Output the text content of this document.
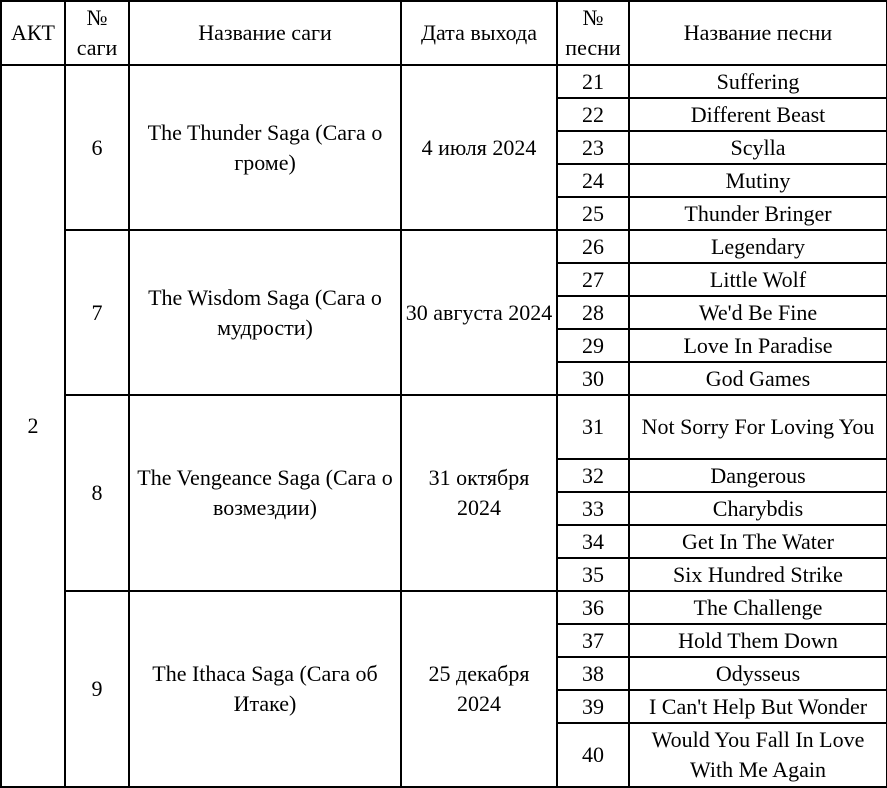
АКТ	№ саги	Название саги	Дата выхода	№ песни	Название песни
2	6	The Thunder Saga (Сага о громе)	4 июля 2024	21	Suffering
				22	Different Beast
				23	Scylla
				24	Mutiny
				25	Thunder Bringer
	7	The Wisdom Saga (Сага о мудрости)	30 августа 2024	26	Legendary
				27	Little Wolf
				28	We'd Be Fine
				29	Love In Paradise
				30	God Games
	8	The Vengeance Saga (Сага о возмездии)	31 октября 2024	31	Not Sorry For Loving You
				32	Dangerous
				33	Charybdis
				34	Get In The Water
				35	Six Hundred Strike
	9	The Ithaca Saga (Сага об Итаке)	25 декабря 2024	36	The Challenge
				37	Hold Them Down
				38	Odysseus
				39	I Can't Help But Wonder
				40	Would You Fall In Love With Me Again
